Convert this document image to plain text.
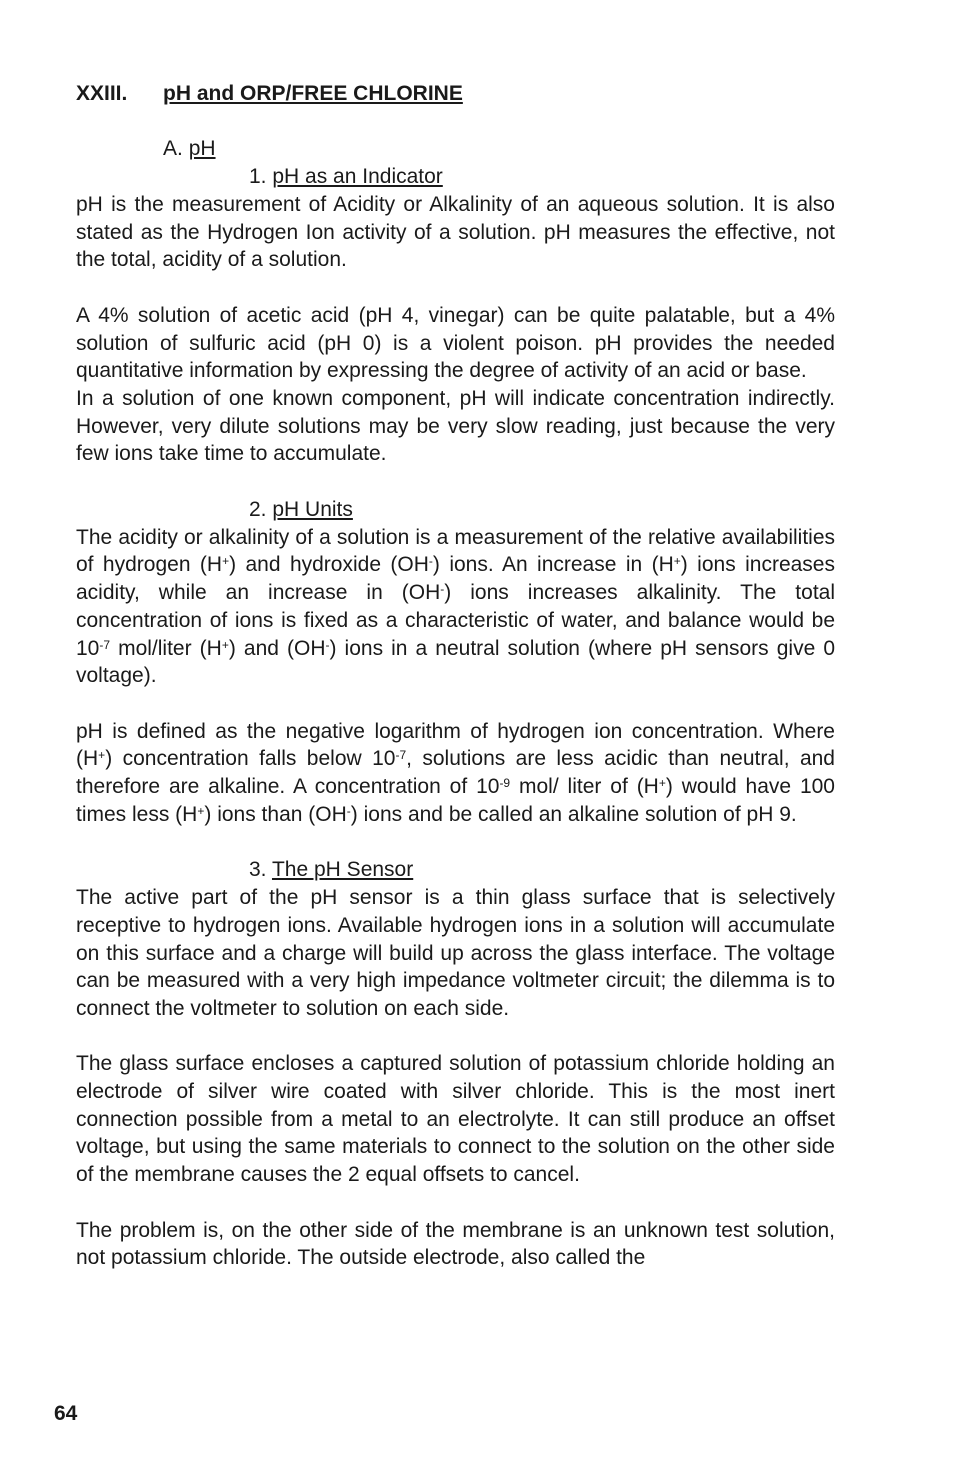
XXIII. pH and ORP/FREE CHLORINE
A. pH
1. pH as an Indicator

pH is the measurement of Acidity or Alkalinity of an aqueous solution. It is also stated as the Hydrogen Ion activity of a solution. pH measures the effective, not the total, acidity of a solution.

A 4% solution of acetic acid (pH 4, vinegar) can be quite palatable, but a 4% solution of sulfuric acid (pH 0) is a violent poison. pH provides the needed quantitative information by expressing the degree of activity of an acid or base.

In a solution of one known component, pH will indicate concentration indirectly. However, very dilute solutions may be very slow reading, just because the very few ions take time to accumulate.

2. pH Units

The acidity or alkalinity of a solution is a measurement of the relative availabilities of hydrogen (H+) and hydroxide (OH-) ions. An increase in (H+) ions increases acidity, while an increase in (OH-) ions increases alkalinity. The total concentration of ions is fixed as a characteristic of water, and balance would be $10^{-7}$ mol/liter (H+) and (OH-) ions in a neutral solution (where pH sensors give 0 voltage).

pH is defined as the negative logarithm of hydrogen ion concentration. Where (H+) concentration falls below $10^{-7}$, solutions are less acidic than neutral, and therefore are alkaline. A concentration of $10^{-9}$ mol/ liter of (H+) would have 100 times less (H+) ions than (OH-) ions and be called an alkaline solution of pH 9.

3. The pH Sensor

The active part of the pH sensor is a thin glass surface that is selectively receptive to hydrogen ions. Available hydrogen ions in a solution will accumulate on this surface and a charge will build up across the glass interface. The voltage can be measured with a very high impedance voltmeter circuit; the dilemma is to connect the voltmeter to solution on each side.

The glass surface encloses a captured solution of potassium chloride holding an electrode of silver wire coated with silver chloride. This is the most inert connection possible from a metal to an electrolyte. It can still produce an offset voltage, but using the same materials to connect to the solution on the other side of the membrane causes the 2 equal offsets to cancel.

The problem is, on the other side of the membrane is an unknown test solution, not potassium chloride. The outside electrode, also called the

64
